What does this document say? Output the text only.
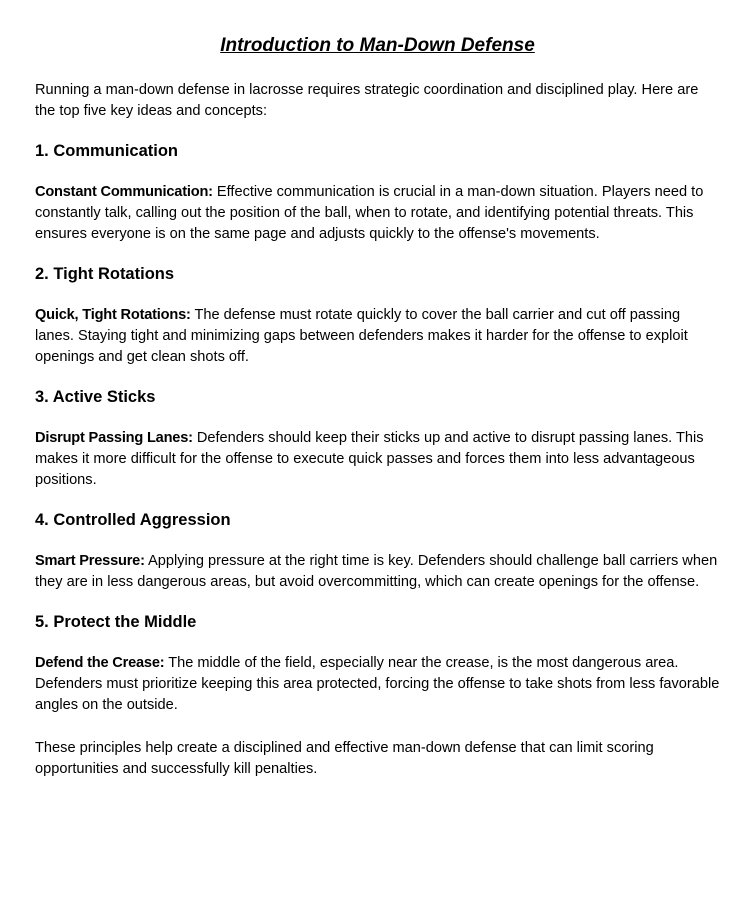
Introduction to Man-Down Defense

Running a man-down defense in lacrosse requires strategic coordination and disciplined play. Here are the top five key ideas and concepts:

1. Communication

Constant Communication: Effective communication is crucial in a man-down situation. Players need to constantly talk, calling out the position of the ball, when to rotate, and identifying potential threats. This ensures everyone is on the same page and adjusts quickly to the offense's movements.

2. Tight Rotations

Quick, Tight Rotations: The defense must rotate quickly to cover the ball carrier and cut off passing lanes. Staying tight and minimizing gaps between defenders makes it harder for the offense to exploit openings and get clean shots off.

3. Active Sticks

Disrupt Passing Lanes: Defenders should keep their sticks up and active to disrupt passing lanes. This makes it more difficult for the offense to execute quick passes and forces them into less advantageous positions.

4. Controlled Aggression

Smart Pressure: Applying pressure at the right time is key. Defenders should challenge ball carriers when they are in less dangerous areas, but avoid overcommitting, which can create openings for the offense.

5. Protect the Middle

Defend the Crease: The middle of the field, especially near the crease, is the most dangerous area. Defenders must prioritize keeping this area protected, forcing the offense to take shots from less favorable angles on the outside.

These principles help create a disciplined and effective man-down defense that can limit scoring opportunities and successfully kill penalties.
